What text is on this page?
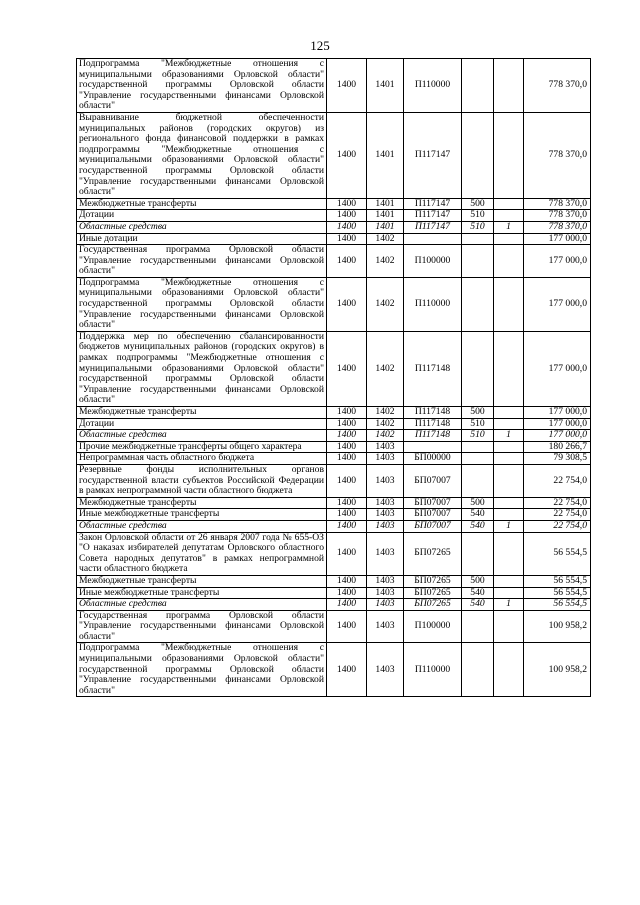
125
Подпрограмма "Межбюджетные отношения с муниципальными образованиями Орловской области" государственной программы Орловской области "Управление государственными финансами Орловской области"	1400	1401	П110000			778 370,0
Выравнивание бюджетной обеспеченности муниципальных районов (городских округов) из регионального фонда финансовой поддержки в рамках подпрограммы "Межбюджетные отношения с муниципальными образованиями Орловской области" государственной программы Орловской области "Управление государственными финансами Орловской области"	1400	1401	П117147			778 370,0
Межбюджетные трансферты	1400	1401	П117147	500		778 370,0
Дотации	1400	1401	П117147	510		778 370,0
Областные средства	1400	1401	П117147	510	1	778 370,0
Иные дотации	1400	1402				177 000,0
Государственная программа Орловской области "Управление государственными финансами Орловской области"	1400	1402	П100000			177 000,0
Подпрограмма "Межбюджетные отношения с муниципальными образованиями Орловской области" государственной программы Орловской области "Управление государственными финансами Орловской области"	1400	1402	П110000			177 000,0
Поддержка мер по обеспечению сбалансированности бюджетов муниципальных районов (городских округов) в рамках подпрограммы "Межбюджетные отношения с муниципальными образованиями Орловской области" государственной программы Орловской области "Управление государственными финансами Орловской области"	1400	1402	П117148			177 000,0
Межбюджетные трансферты	1400	1402	П117148	500		177 000,0
Дотации	1400	1402	П117148	510		177 000,0
Областные средства	1400	1402	П117148	510	1	177 000,0
Прочие межбюджетные трансферты общего характера	1400	1403				180 266,7
Непрограммная часть областного бюджета	1400	1403	БП00000			79 308,5
Резервные фонды исполнительных органов государственной власти субъектов Российской Федерации в рамках непрограммной части областного бюджета	1400	1403	БП07007			22 754,0
Межбюджетные трансферты	1400	1403	БП07007	500		22 754,0
Иные межбюджетные трансферты	1400	1403	БП07007	540		22 754,0
Областные средства	1400	1403	БП07007	540	1	22 754,0
Закон Орловской области от 26 января 2007 года № 655-ОЗ "О наказах избирателей депутатам Орловского областного Совета народных депутатов" в рамках непрограммной части областного бюджета	1400	1403	БП07265			56 554,5
Межбюджетные трансферты	1400	1403	БП07265	500		56 554,5
Иные межбюджетные трансферты	1400	1403	БП07265	540		56 554,5
Областные средства	1400	1403	БП07265	540	1	56 554,5
Государственная программа Орловской области "Управление государственными финансами Орловской области"	1400	1403	П100000			100 958,2
Подпрограмма "Межбюджетные отношения с муниципальными образованиями Орловской области" государственной программы Орловской области "Управление государственными финансами Орловской области"	1400	1403	П110000			100 958,2
